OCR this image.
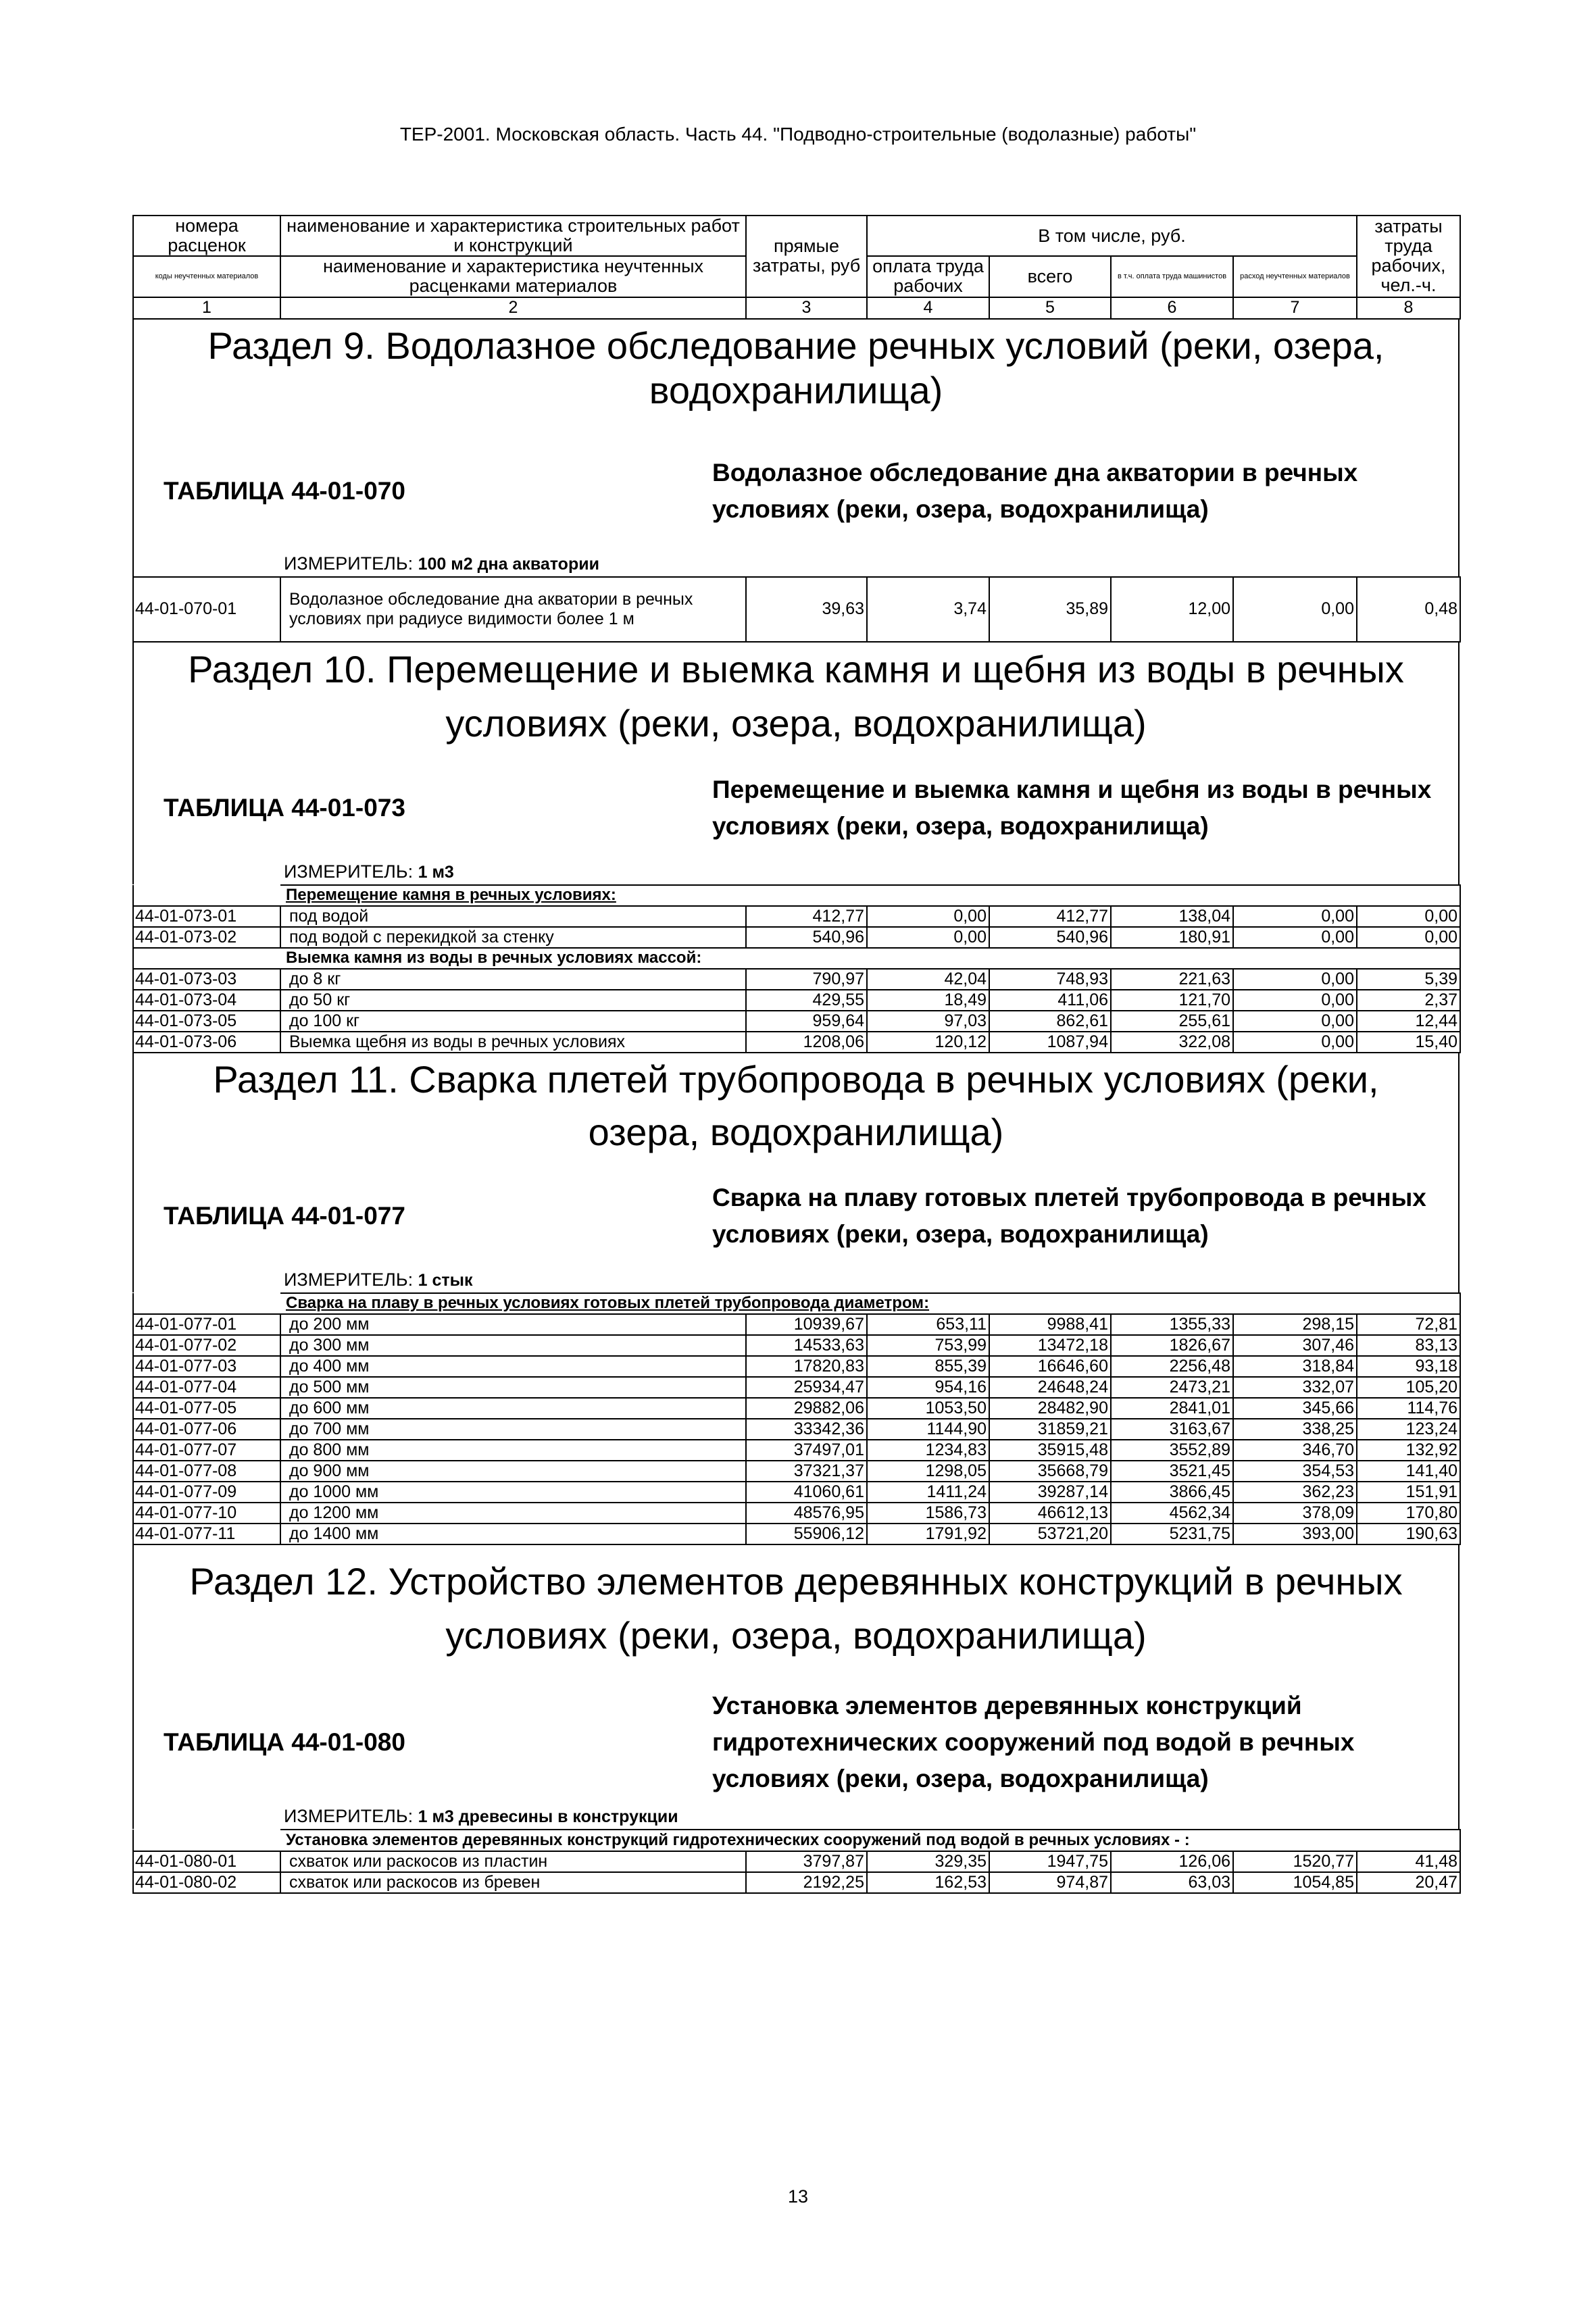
ТЕР-2001. Московская область. Часть 44. "Подводно-строительные (водолазные) работы"
номера расценок	наименование и характеристика строительных работ и конструкций	прямые затраты, руб	В том числе, руб.				затраты труда рабочих, чел.-ч.

коды неучтенных материалов	наименование и характеристика неучтенных расценками материалов		оплата труда рабочих	всего	в т.ч. оплата труда машинистов	расход неучтенных материалов	
1	2	3	4	5	6	7	8
Раздел 9. Водолазное обследование речных условий (реки, озера, водохранилища)
ТАБЛИЦА 44-01-070
Водолазное обследование дна акватории в речных условиях (реки, озера, водохранилища)
ИЗМЕРИТЕЛЬ: 100 м2 дна акватории
44-01-070-01	Водолазное обследование дна акватории в речных условиях при радиусе видимости более 1 м	39,63	3,74	35,89	12,00	0,00	0,48
Раздел 10. Перемещение и выемка камня и щебня из воды в речных условиях (реки, озера, водохранилища)
ТАБЛИЦА 44-01-073
Перемещение и выемка камня и щебня из воды в речных условиях (реки, озера, водохранилища)
ИЗМЕРИТЕЛЬ: 1 м3
	Перемещение камня в речных условиях:						
44-01-073-01	под водой	412,77	0,00	412,77	138,04	0,00	0,00
44-01-073-02	под водой с перекидкой за стенку	540,96	0,00	540,96	180,91	0,00	0,00
	Выемка камня из воды в речных условиях массой:						
44-01-073-03	до 8 кг	790,97	42,04	748,93	221,63	0,00	5,39
44-01-073-04	до 50 кг	429,55	18,49	411,06	121,70	0,00	2,37
44-01-073-05	до 100 кг	959,64	97,03	862,61	255,61	0,00	12,44
44-01-073-06	Выемка щебня из воды в речных условиях	1208,06	120,12	1087,94	322,08	0,00	15,40
Раздел 11. Сварка плетей трубопровода в речных условиях (реки, озера, водохранилища)
ТАБЛИЦА 44-01-077
Сварка на плаву готовых плетей трубопровода в речных условиях (реки, озера, водохранилища)
ИЗМЕРИТЕЛЬ: 1 стык
	Сварка на плаву в речных условиях готовых плетей трубопровода диаметром:						
44-01-077-01	до 200 мм	10939,67	653,11	9988,41	1355,33	298,15	72,81
44-01-077-02	до 300 мм	14533,63	753,99	13472,18	1826,67	307,46	83,13
44-01-077-03	до 400 мм	17820,83	855,39	16646,60	2256,48	318,84	93,18
44-01-077-04	до 500 мм	25934,47	954,16	24648,24	2473,21	332,07	105,20
44-01-077-05	до 600 мм	29882,06	1053,50	28482,90	2841,01	345,66	114,76
44-01-077-06	до 700 мм	33342,36	1144,90	31859,21	3163,67	338,25	123,24
44-01-077-07	до 800 мм	37497,01	1234,83	35915,48	3552,89	346,70	132,92
44-01-077-08	до 900 мм	37321,37	1298,05	35668,79	3521,45	354,53	141,40
44-01-077-09	до 1000 мм	41060,61	1411,24	39287,14	3866,45	362,23	151,91
44-01-077-10	до 1200 мм	48576,95	1586,73	46612,13	4562,34	378,09	170,80
44-01-077-11	до 1400 мм	55906,12	1791,92	53721,20	5231,75	393,00	190,63
Раздел 12. Устройство элементов деревянных конструкций в речных условиях (реки, озера, водохранилища)
ТАБЛИЦА 44-01-080
Установка элементов деревянных конструкций гидротехнических сооружений под водой в речных условиях (реки, озера, водохранилища)
ИЗМЕРИТЕЛЬ: 1 м3 древесины в конструкции
	Установка элементов деревянных конструкций гидротехнических сооружений под водой в речных условиях - :						
44-01-080-01	схваток или раскосов из пластин	3797,87	329,35	1947,75	126,06	1520,77	41,48
44-01-080-02	схваток или раскосов из бревен	2192,25	162,53	974,87	63,03	1054,85	20,47
13
